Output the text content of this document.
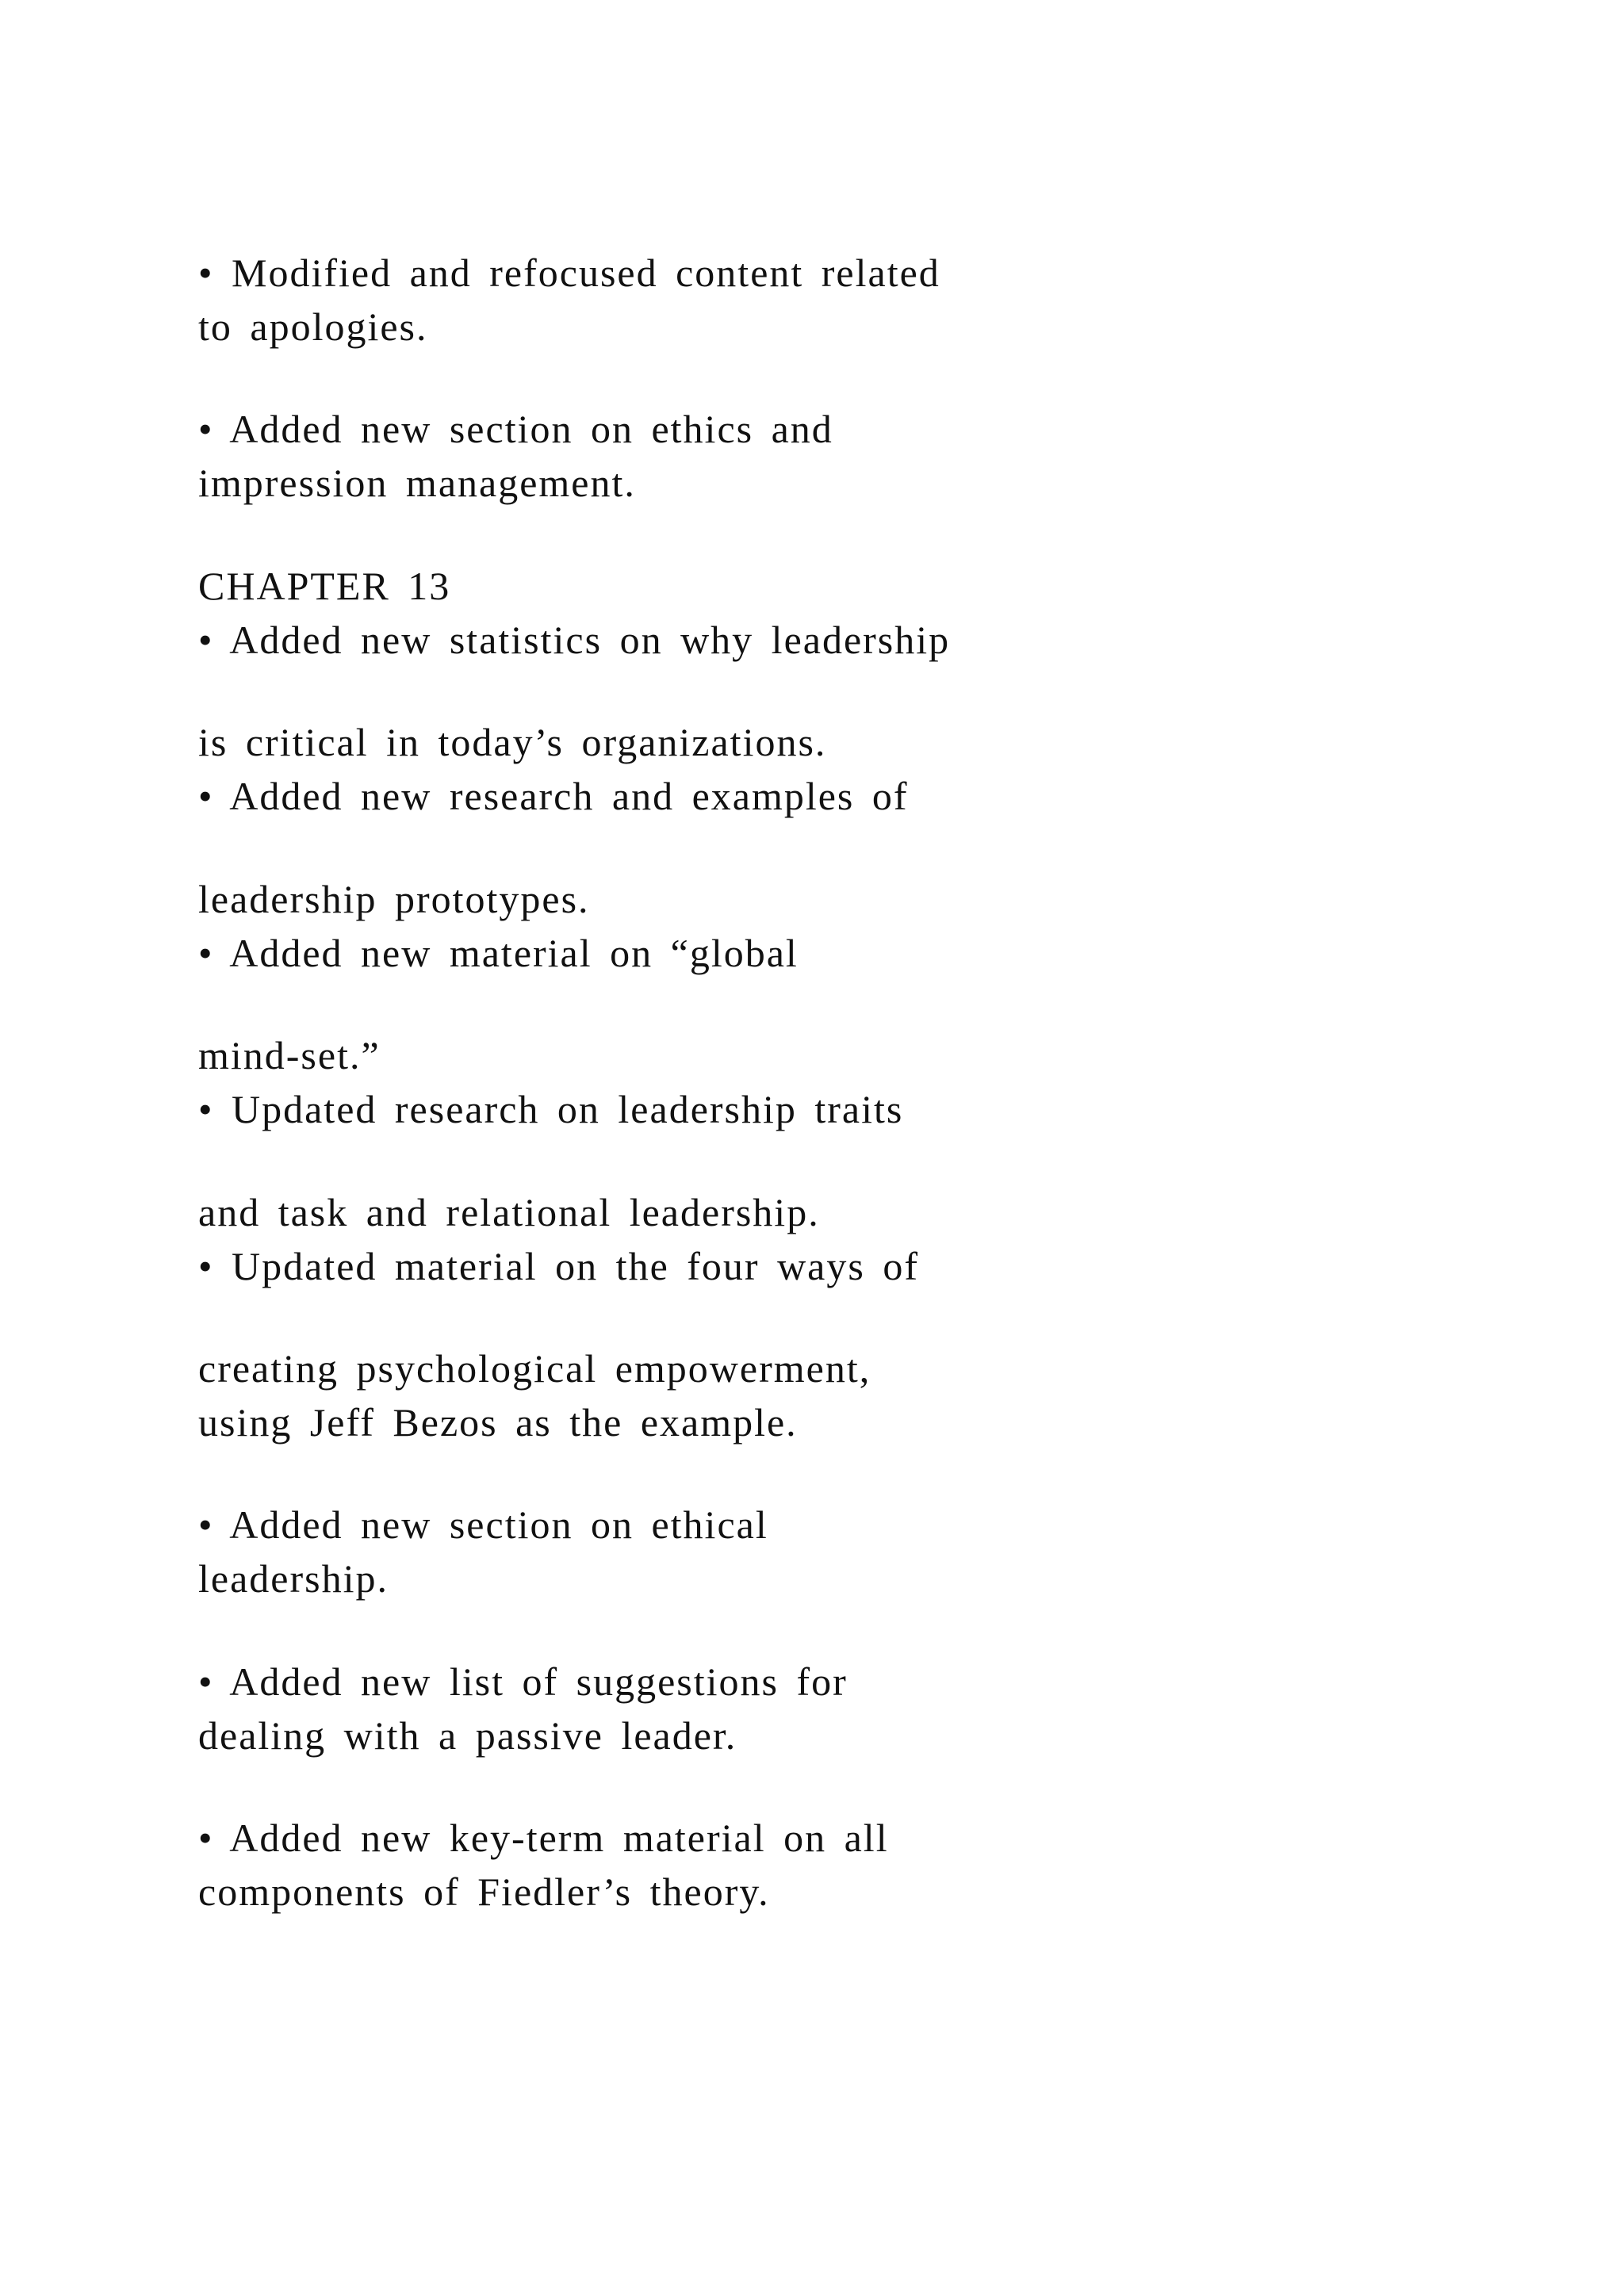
• Modified and refocused content related

to apologies.

• Added new section on ethics and

impression management.

CHAPTER 13

• Added new statistics on why leadership

is critical in today’s organizations.

• Added new research and examples of

leadership prototypes.

• Added new material on “global

mind-set.”

• Updated research on leadership traits

and task and relational leadership.

• Updated material on the four ways of

creating psychological empowerment,

using Jeff Bezos as the example.

• Added new section on ethical

leadership.

• Added new list of suggestions for

dealing with a passive leader.

• Added new key-term material on all

components of Fiedler’s theory.
